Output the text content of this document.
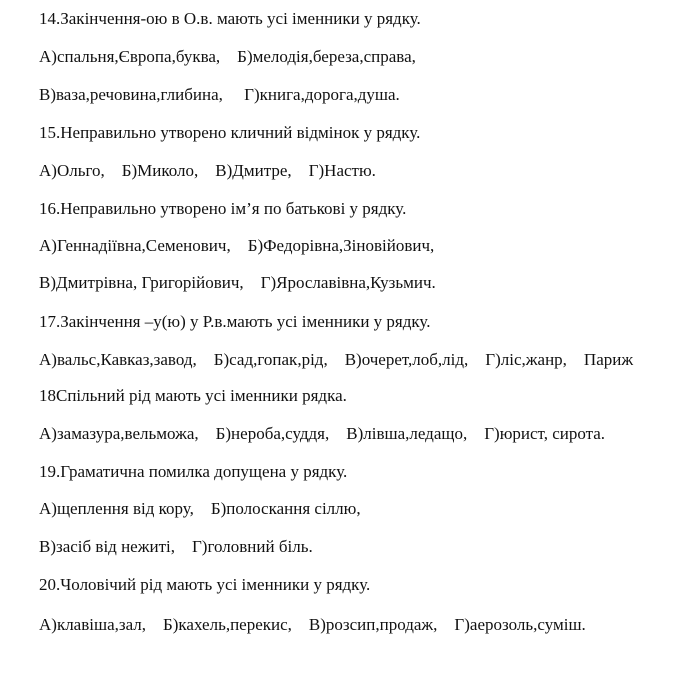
14.Закінчення-ою в О.в. мають усі іменники у рядку.
А)спальня,Європа,буква,    Б)мелодія,береза,справа,
В)ваза,речовина,глибина,     Г)книга,дорога,душа.
15.Неправильно утворено кличний відмінок у рядку.
А)Ольго,    Б)Миколо,    В)Дмитре,    Г)Настю.
16.Неправильно утворено ім’я по батькові у рядку.
А)Геннадіївна,Семенович,    Б)Федорівна,Зіновійович,
В)Дмитрівна, Григорійович,    Г)Ярославівна,Кузьмич.
17.Закінчення –у(ю) у Р.в.мають усі іменники у рядку.
А)вальс,Кавказ,завод,    Б)сад,гопак,рід,    В)очерет,лоб,лід,    Г)ліс,жанр,    Париж
18Спільний рід мають усі іменники рядка.
А)замазура,вельможа,    Б)нероба,суддя,    В)лівша,ледащо,    Г)юрист, сирота.
19.Граматична помилка допущена у рядку.
А)щеплення від кору,    Б)полоскання сіллю,
В)засіб від нежиті,    Г)головний біль.
20.Чоловічий рід мають усі іменники у рядку.
А)клавіша,зал,    Б)кахель,перекис,    В)розсип,продаж,    Г)аерозоль,суміш.
